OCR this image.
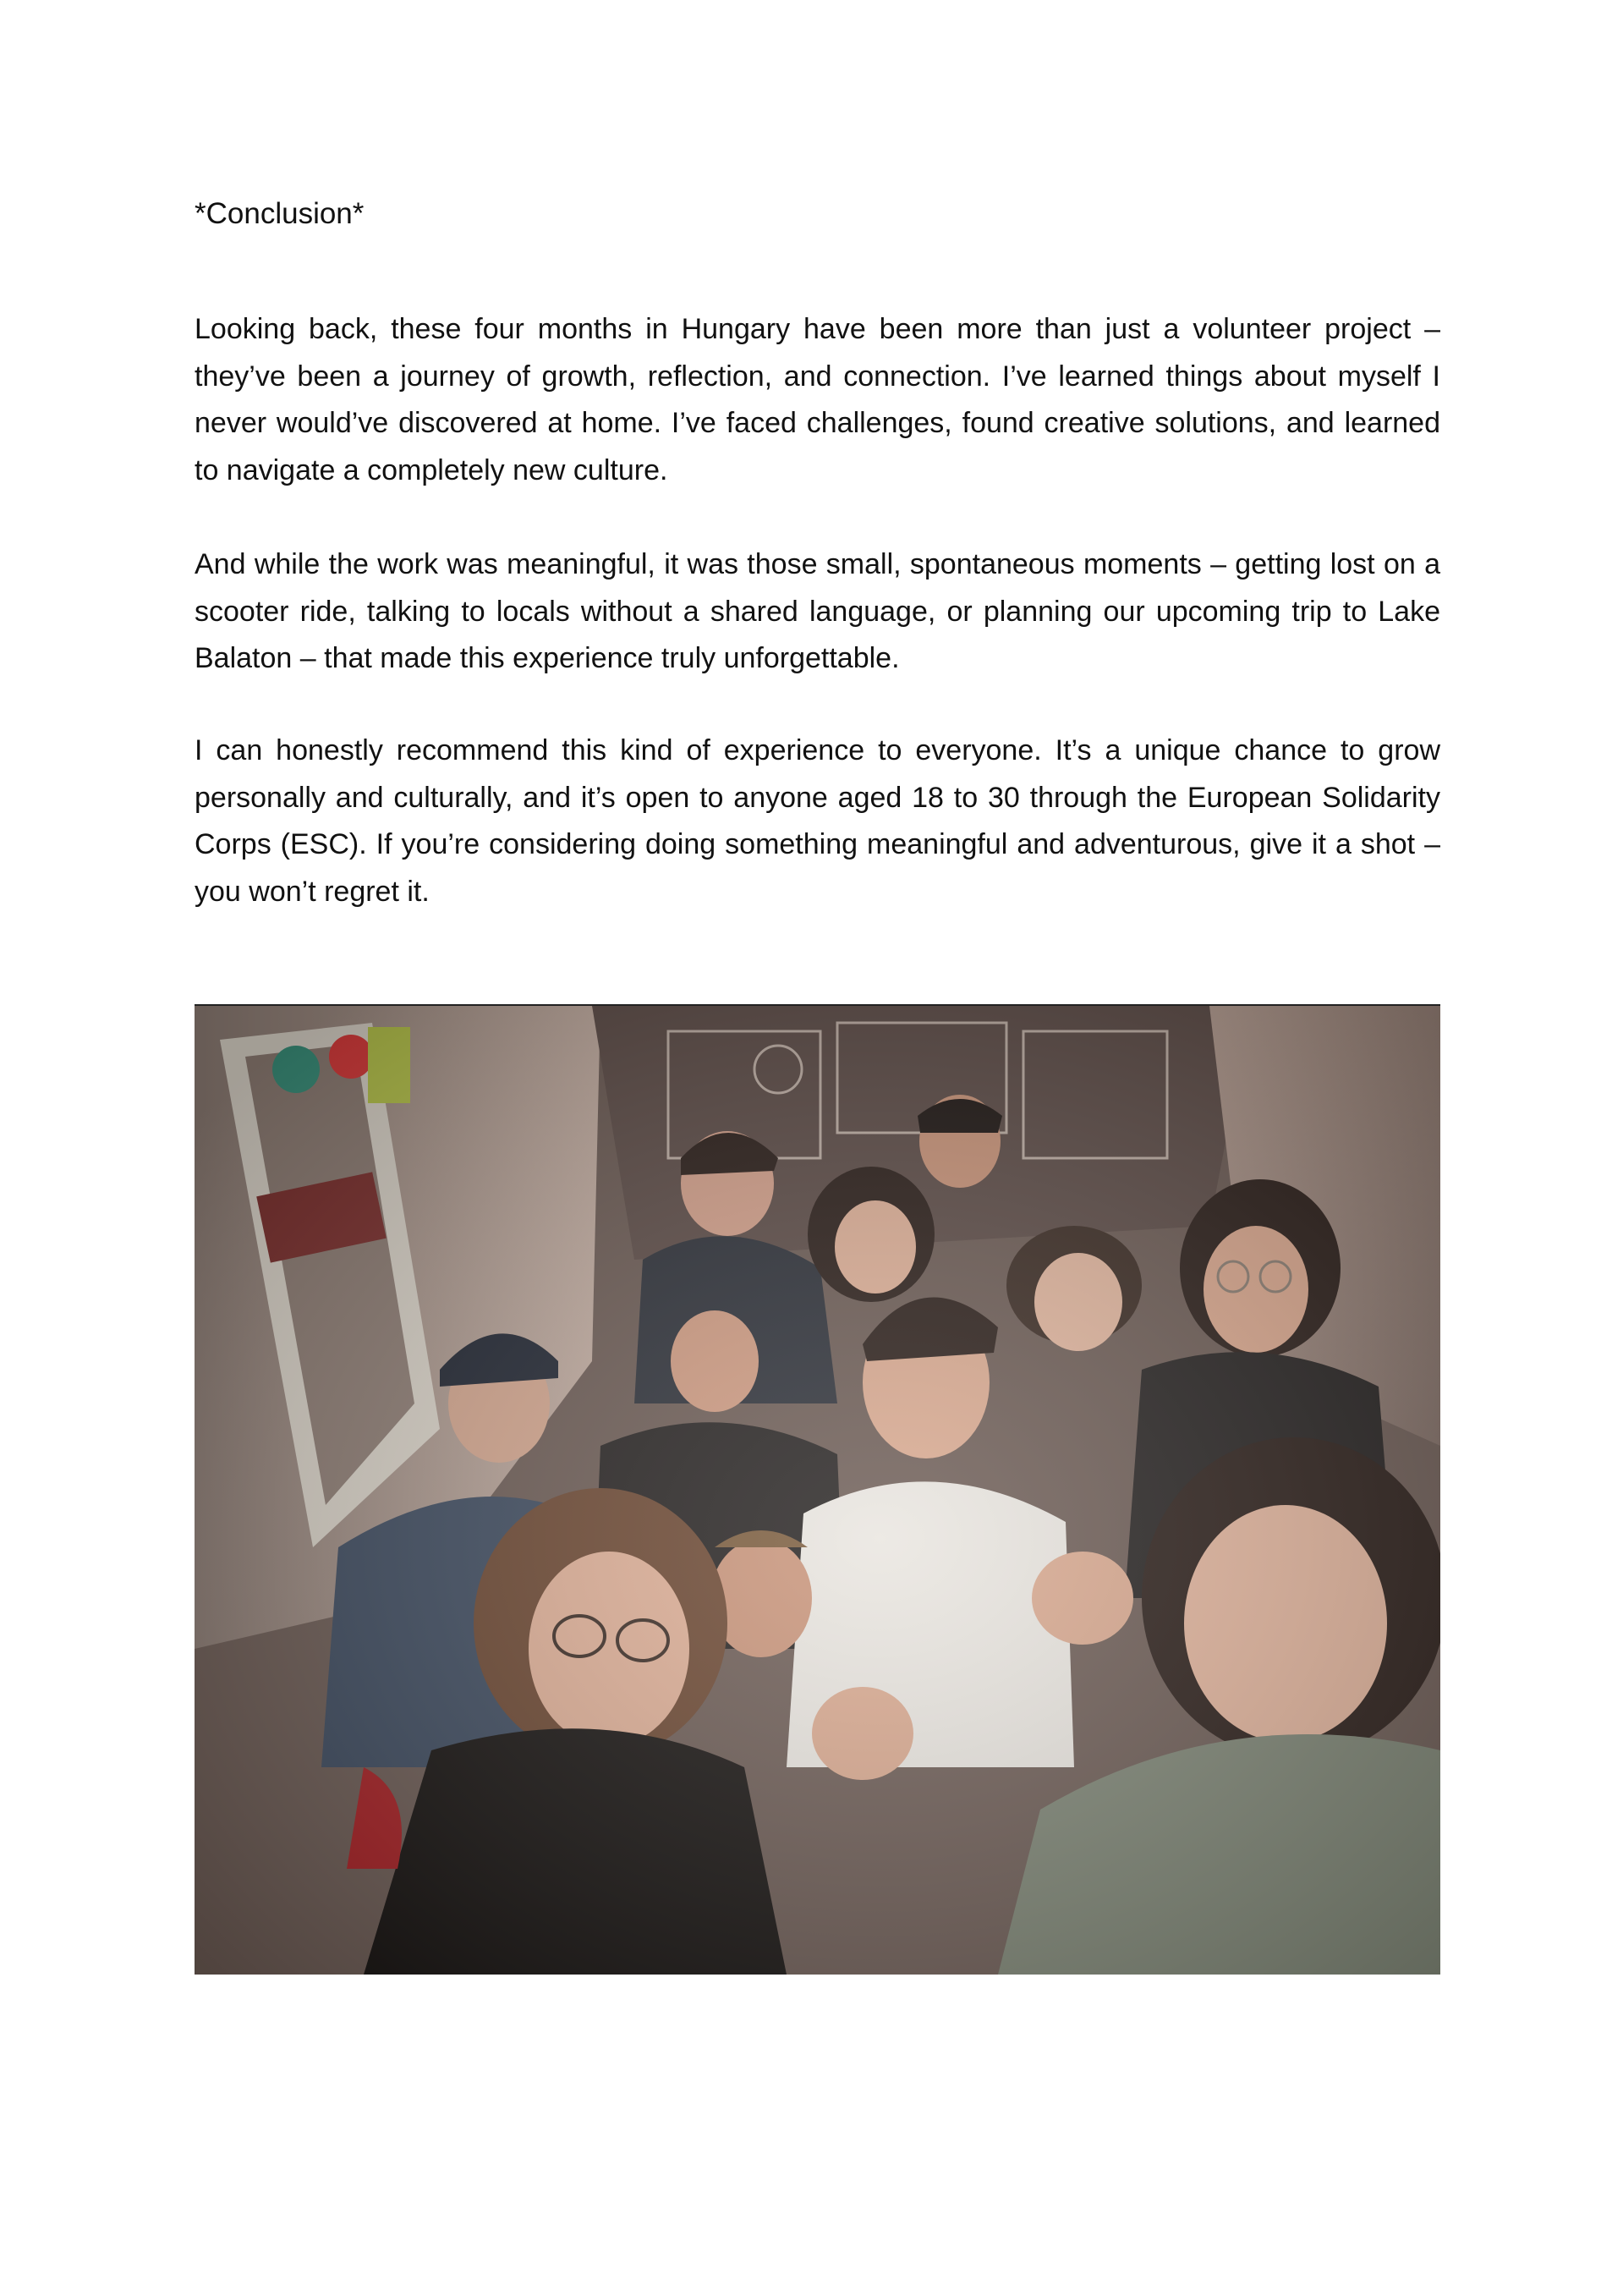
*Conclusion*

Looking back, these four months in Hungary have been more than just a volunteer project – they’ve been a journey of growth, reflection, and connection. I’ve learned things about myself I never would’ve discovered at home. I’ve faced challenges, found creative solutions, and learned to navigate a completely new culture.

And while the work was meaningful, it was those small, spontaneous moments – getting lost on a scooter ride, talking to locals without a shared language, or planning our upcoming trip to Lake Balaton – that made this experience truly unforgettable.

I can honestly recommend this kind of experience to everyone. It’s a unique chance to grow personally and culturally, and it’s open to anyone aged 18 to 30 through the European Solidarity Corps (ESC). If you’re considering doing something meaningful and adventurous, give it a shot – you won’t regret it.
